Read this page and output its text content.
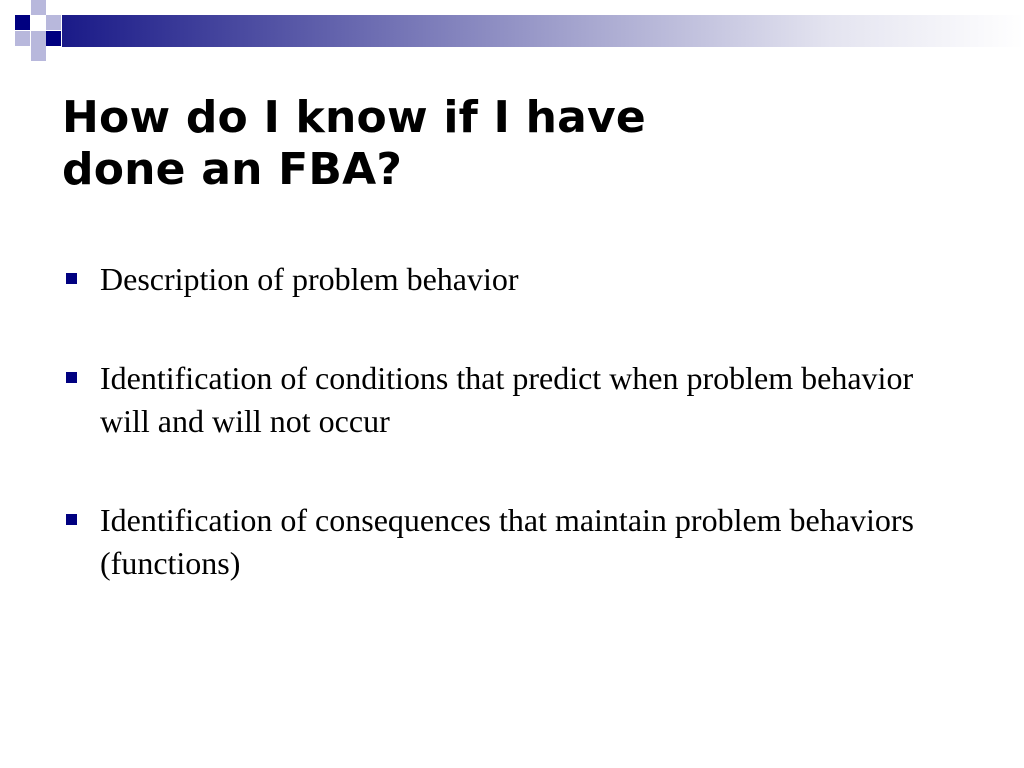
How do I know if I have
done an FBA?
Description of problem behavior
Identification of conditions that predict when problem behavior will and will not occur
Identification of consequences that maintain problem behaviors (functions)
